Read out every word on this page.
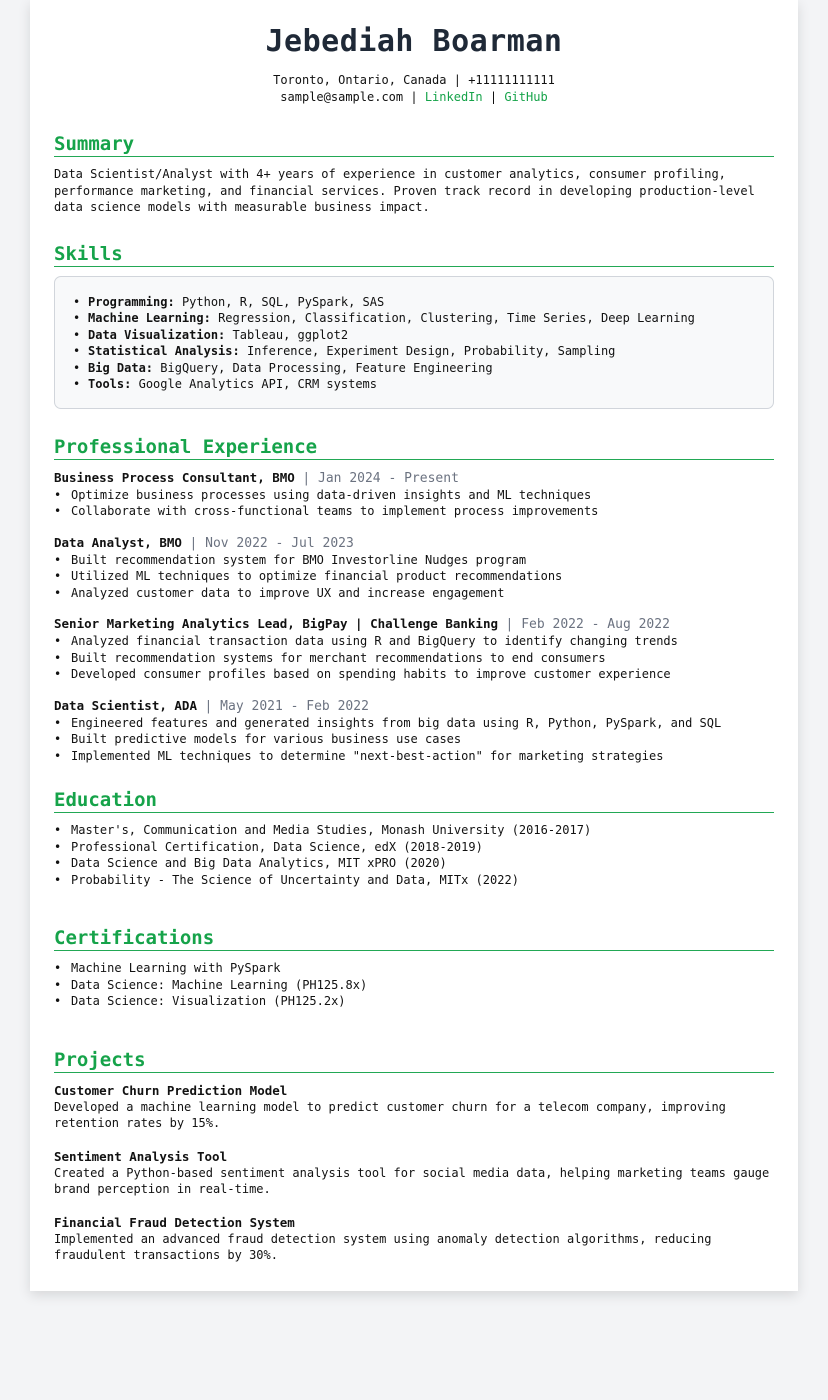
Jebediah Boarman
Toronto, Ontario, Canada | +11111111111
sample@sample.com | LinkedIn | GitHub
Summary

Data Scientist/Analyst with 4+ years of experience in customer analytics, consumer profiling, performance marketing, and financial services. Proven track record in developing production-level data science models with measurable business impact.

Skills
• Programming: Python, R, SQL, PySpark, SAS
• Machine Learning: Regression, Classification, Clustering, Time Series, Deep Learning
• Data Visualization: Tableau, ggplot2
• Statistical Analysis: Inference, Experiment Design, Probability, Sampling
• Big Data: BigQuery, Data Processing, Feature Engineering
• Tools: Google Analytics API, CRM systems
Professional Experience
Business Process Consultant, BMO | Jan 2024 - Present
• Optimize business processes using data-driven insights and ML techniques
• Collaborate with cross-functional teams to implement process improvements
Data Analyst, BMO | Nov 2022 - Jul 2023
• Built recommendation system for BMO Investorline Nudges program
• Utilized ML techniques to optimize financial product recommendations
• Analyzed customer data to improve UX and increase engagement
Senior Marketing Analytics Lead, BigPay | Challenge Banking | Feb 2022 - Aug 2022
• Analyzed financial transaction data using R and BigQuery to identify changing trends
• Built recommendation systems for merchant recommendations to end consumers
• Developed consumer profiles based on spending habits to improve customer experience
Data Scientist, ADA | May 2021 - Feb 2022
• Engineered features and generated insights from big data using R, Python, PySpark, and SQL
• Built predictive models for various business use cases
• Implemented ML techniques to determine "next-best-action" for marketing strategies
Education
• Master's, Communication and Media Studies, Monash University (2016-2017)
• Professional Certification, Data Science, edX (2018-2019)
• Data Science and Big Data Analytics, MIT xPRO (2020)
• Probability - The Science of Uncertainty and Data, MITx (2022)
Certifications
• Machine Learning with PySpark
• Data Science: Machine Learning (PH125.8x)
• Data Science: Visualization (PH125.2x)
Projects
Customer Churn Prediction Model

Developed a machine learning model to predict customer churn for a telecom company, improving retention rates by 15%.

Sentiment Analysis Tool

Created a Python-based sentiment analysis tool for social media data, helping marketing teams gauge brand perception in real-time.

Financial Fraud Detection System

Implemented an advanced fraud detection system using anomaly detection algorithms, reducing fraudulent transactions by 30%.
